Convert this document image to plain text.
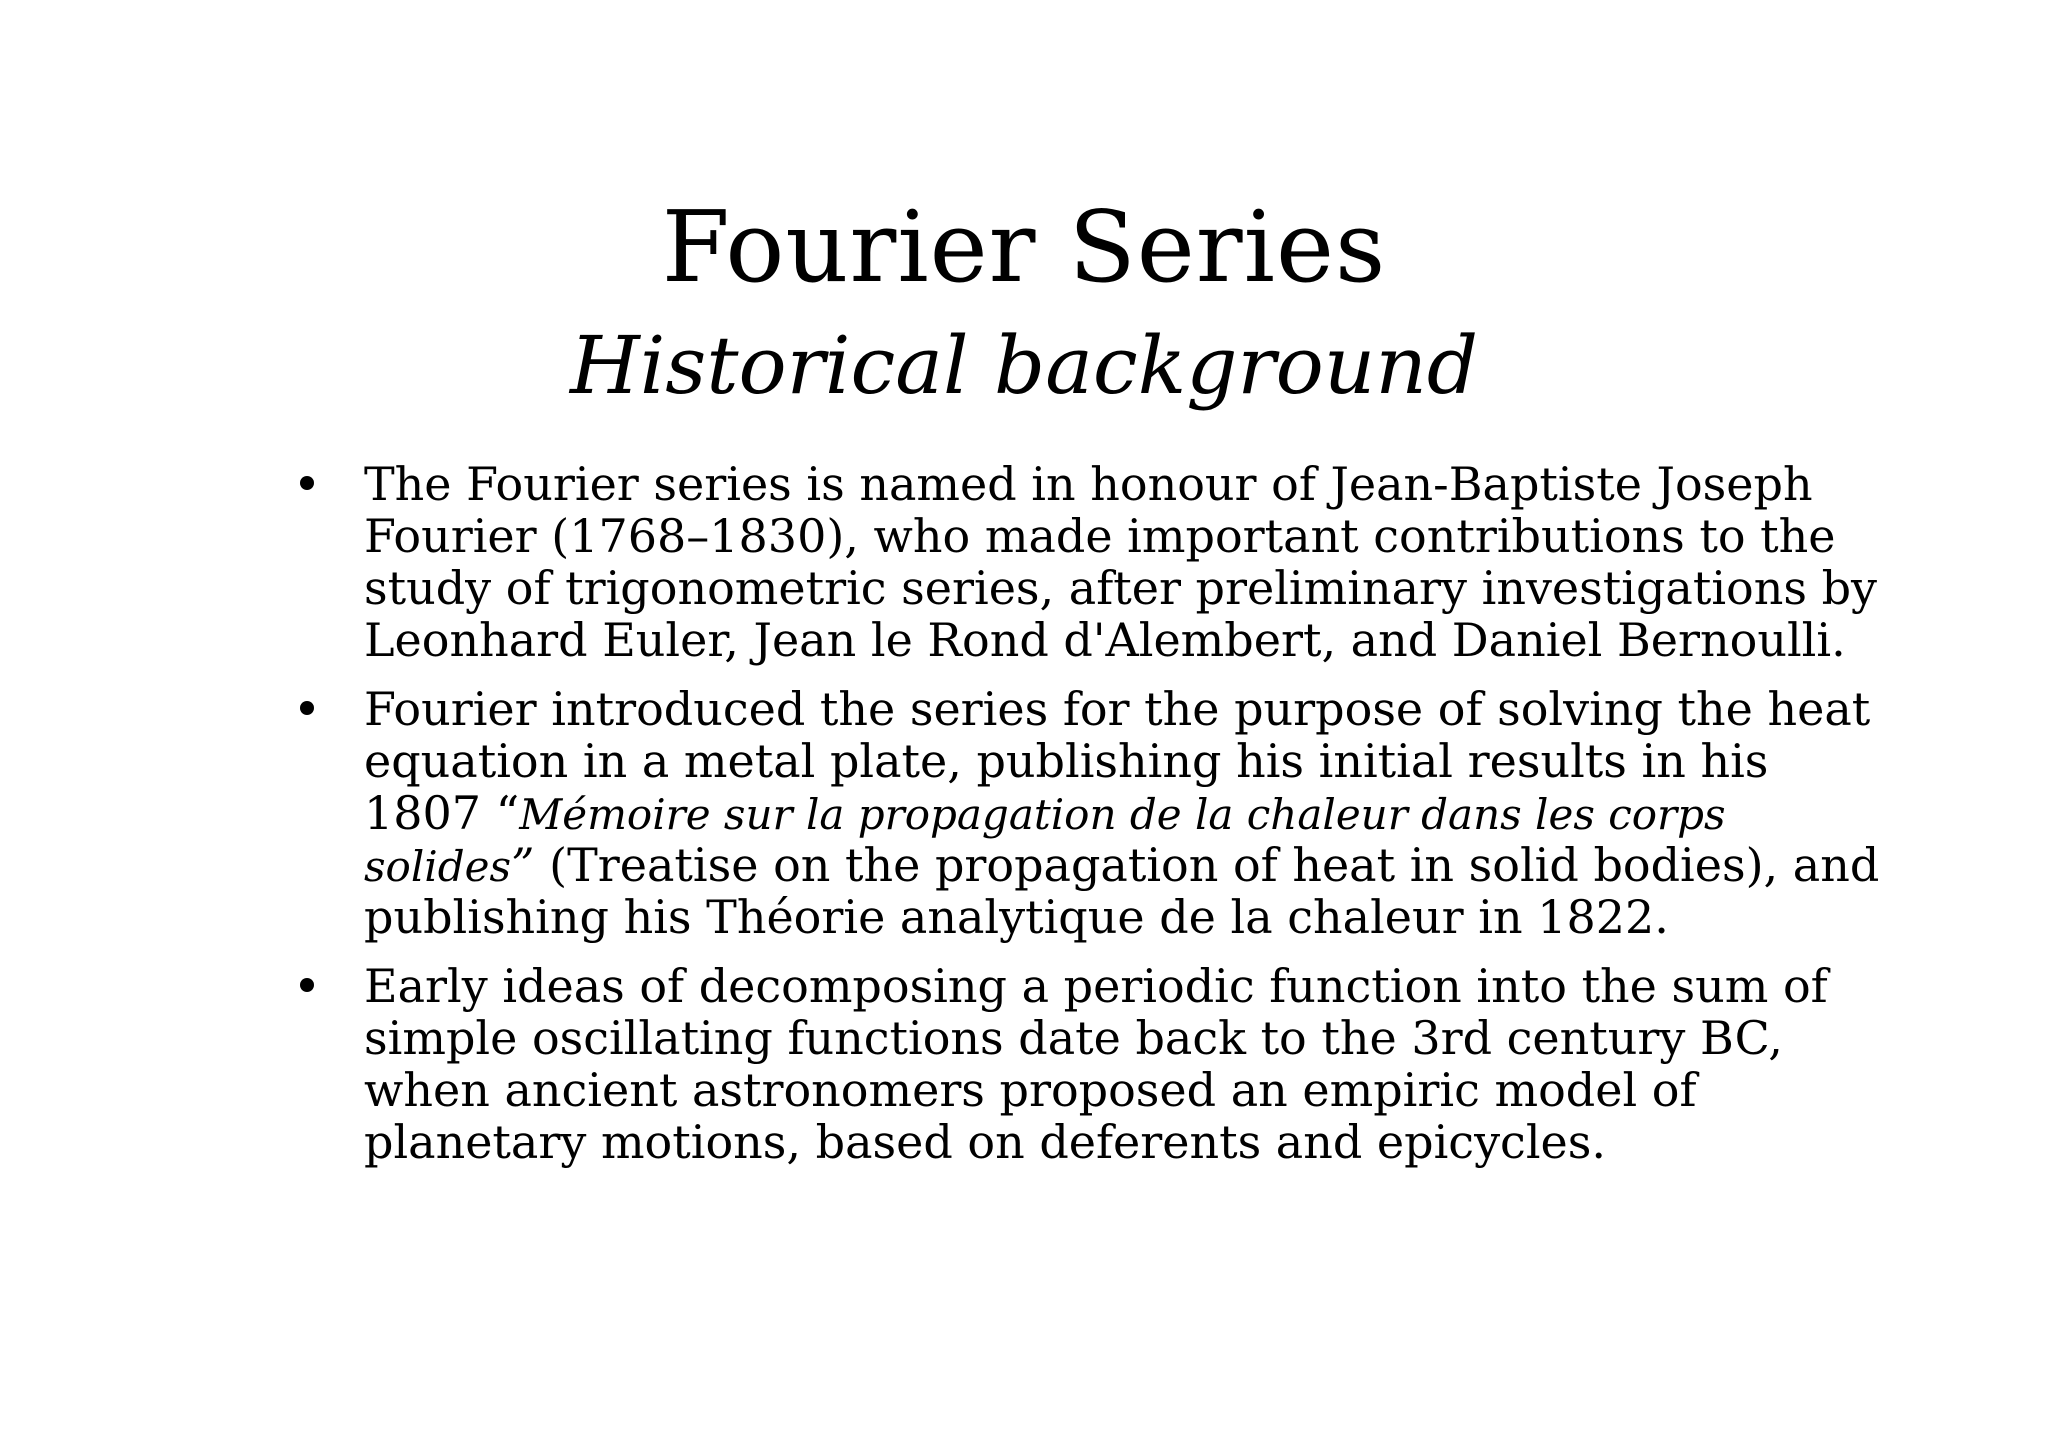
Fourier Series
Historical background
The Fourier series is named in honour of Jean-Baptiste Joseph
Fourier (1768–1830), who made important contributions to the
study of trigonometric series, after preliminary investigations by
Leonhard Euler, Jean le Rond d'Alembert, and Daniel Bernoulli.
Fourier introduced the series for the purpose of solving the heat
equation in a metal plate, publishing his initial results in his
1807 “Mémoire sur la propagation de la chaleur dans les corps
solides” (Treatise on the propagation of heat in solid bodies), and
publishing his Théorie analytique de la chaleur in 1822.
Early ideas of decomposing a periodic function into the sum of
simple oscillating functions date back to the 3rd century BC,
when ancient astronomers proposed an empiric model of
planetary motions, based on deferents and epicycles.
